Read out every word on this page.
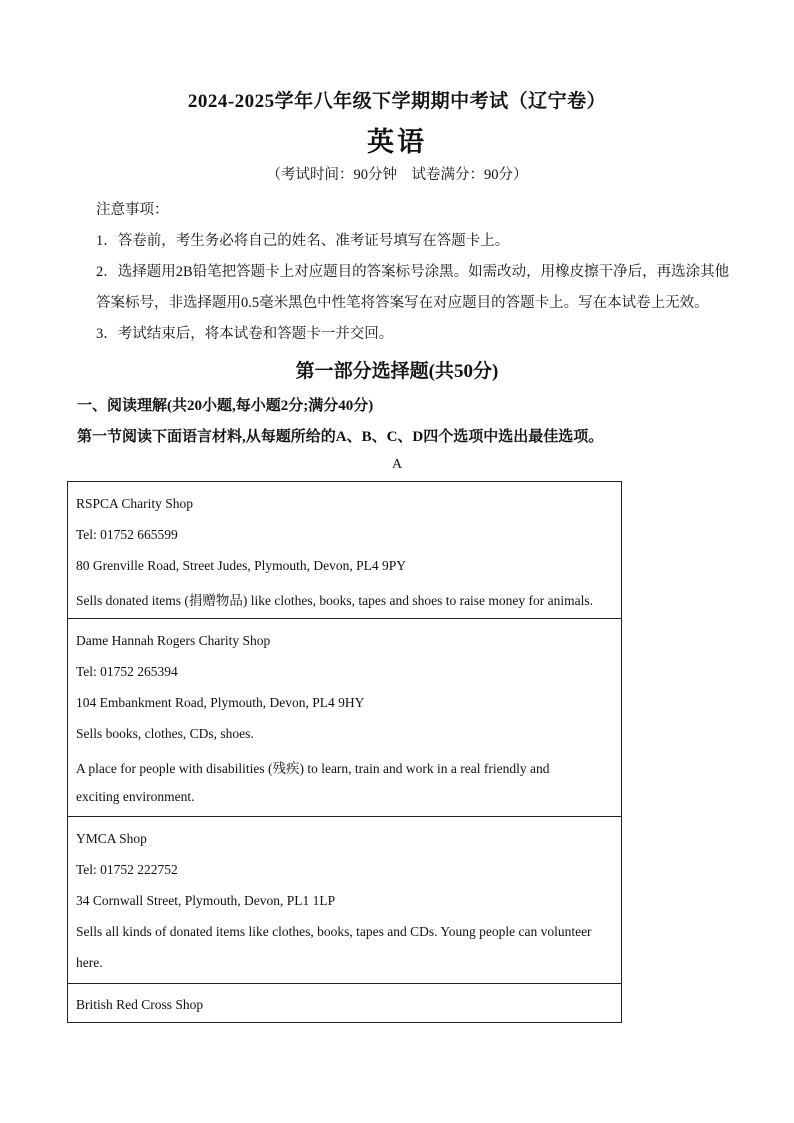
2024-2025学年八年级下学期期中考试（辽宁卷）
英语
（考试时间：90分钟　试卷满分：90分）
注意事项：
1．答卷前，考生务必将自己的姓名、准考证号填写在答题卡上。
2．选择题用2B铅笔把答题卡上对应题目的答案标号涂黑。如需改动，用橡皮擦干净后，再选涂其他
答案标号，非选择题用0.5毫米黑色中性笔将答案写在对应题目的答题卡上。写在本试卷上无效。
3．考试结束后，将本试卷和答题卡一并交回。
第一部分选择题(共50分)
一、阅读理解(共20小题,每小题2分;满分40分)
第一节阅读下面语言材料,从每题所给的A、B、C、D四个选项中选出最佳选项。
A
RSPCA Charity Shop
Tel: 01752 665599
80 Grenville Road, Street Judes, Plymouth, Devon, PL4 9PY
Sells donated items (捐赠物品) like clothes, books, tapes and shoes to raise money for animals.
Dame Hannah Rogers Charity Shop
Tel: 01752 265394
104 Embankment Road, Plymouth, Devon, PL4 9HY
Sells books, clothes, CDs, shoes.
A place for people with disabilities (残疾) to learn, train and work in a real friendly and
exciting environment.
YMCA Shop
Tel: 01752 222752
34 Cornwall Street, Plymouth, Devon, PL1 1LP
Sells all kinds of donated items like clothes, books, tapes and CDs. Young people can volunteer
here.
British Red Cross Shop
